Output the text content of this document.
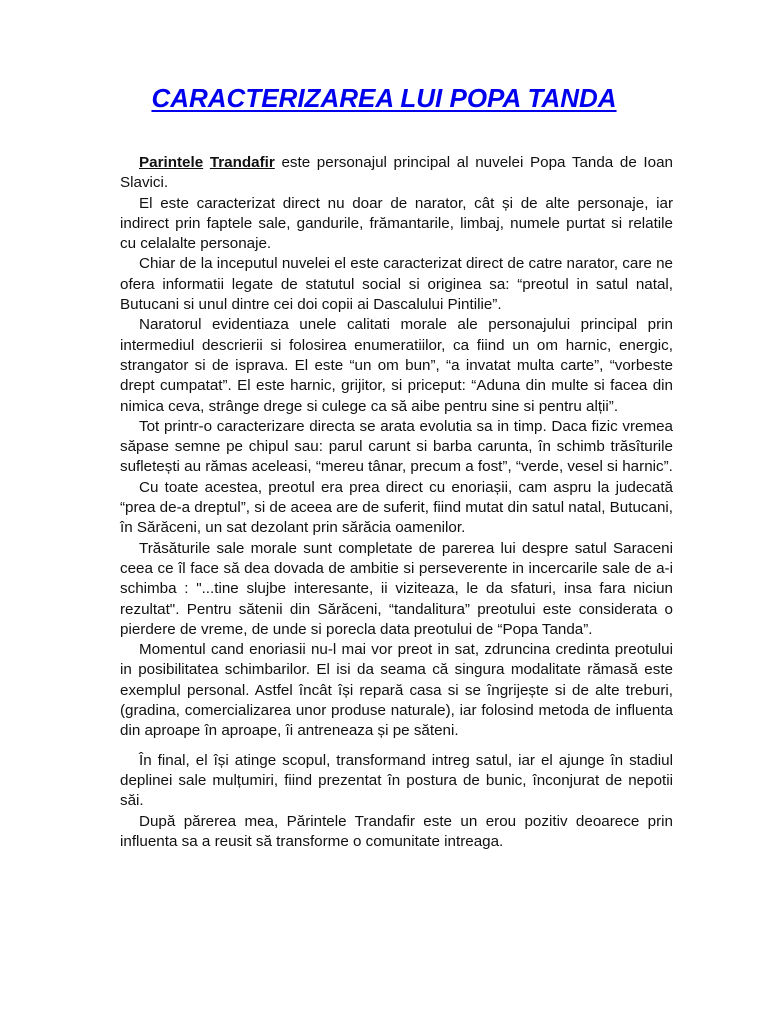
CARACTERIZAREA LUI POPA TANDA

Parintele Trandafir este personajul principal al nuvelei Popa Tanda de Ioan Slavici.

El este caracterizat direct nu doar de narator, cât și de alte personaje, iar indirect prin faptele sale, gandurile, frămantarile, limbaj, numele purtat si relatile cu celalalte personaje.

Chiar de la inceputul nuvelei el este caracterizat direct de catre narator, care ne ofera informatii legate de statutul social si originea sa: “preotul in satul natal, Butucani si unul dintre cei doi copii ai Dascalului Pintilie”.

Naratorul evidentiaza unele calitati morale ale personajului principal prin intermediul descrierii si folosirea enumeratiilor, ca fiind un om harnic, energic, strangator si de isprava. El este “un om bun”, “a invatat multa carte”, “vorbeste drept cumpatat”. El este harnic, grijitor, si priceput: “Aduna din multe si facea din nimica ceva, strânge drege si culege ca să aibe pentru sine si pentru alții”.

Tot printr-o caracterizare directa se arata evolutia sa in timp. Daca fizic vremea săpase semne pe chipul sau: parul carunt si barba carunta, în schimb trăsîturile sufletești au rămas aceleasi, “mereu tânar, precum a fost”, “verde, vesel si harnic”.

Cu toate acestea, preotul era prea direct cu enoriașii, cam aspru la judecată “prea de-a dreptul”, si de aceea are de suferit, fiind mutat din satul natal, Butucani, în Sărăceni, un sat dezolant prin sărăcia oamenilor.

Trăsăturile sale morale sunt completate de parerea lui despre satul Saraceni ceea ce îl face să dea dovada de ambitie si perseverente in incercarile sale de a-i schimba : "...tine slujbe interesante, ii viziteaza, le da sfaturi, insa fara niciun rezultat". Pentru sătenii din Sărăceni, “tandalitura” preotului este considerata o pierdere de vreme, de unde si porecla data preotului de “Popa Tanda”.

Momentul cand enoriasii nu-l mai vor preot in sat, zdruncina credinta preotului in posibilitatea schimbarilor. El isi da seama că singura modalitate rămasă este exemplul personal. Astfel încât își repară casa si se îngrijește si de alte treburi, (gradina, comercializarea unor produse naturale), iar folosind metoda de influenta din aproape în aproape, îi antreneaza și pe săteni.

În final, el își atinge scopul, transformand intreg satul, iar el ajunge în stadiul deplinei sale mulțumiri, fiind prezentat în postura de bunic, înconjurat de nepotii săi.

După părerea mea, Părintele Trandafir este un erou pozitiv deoarece prin influenta sa a reusit să transforme o comunitate intreaga.
